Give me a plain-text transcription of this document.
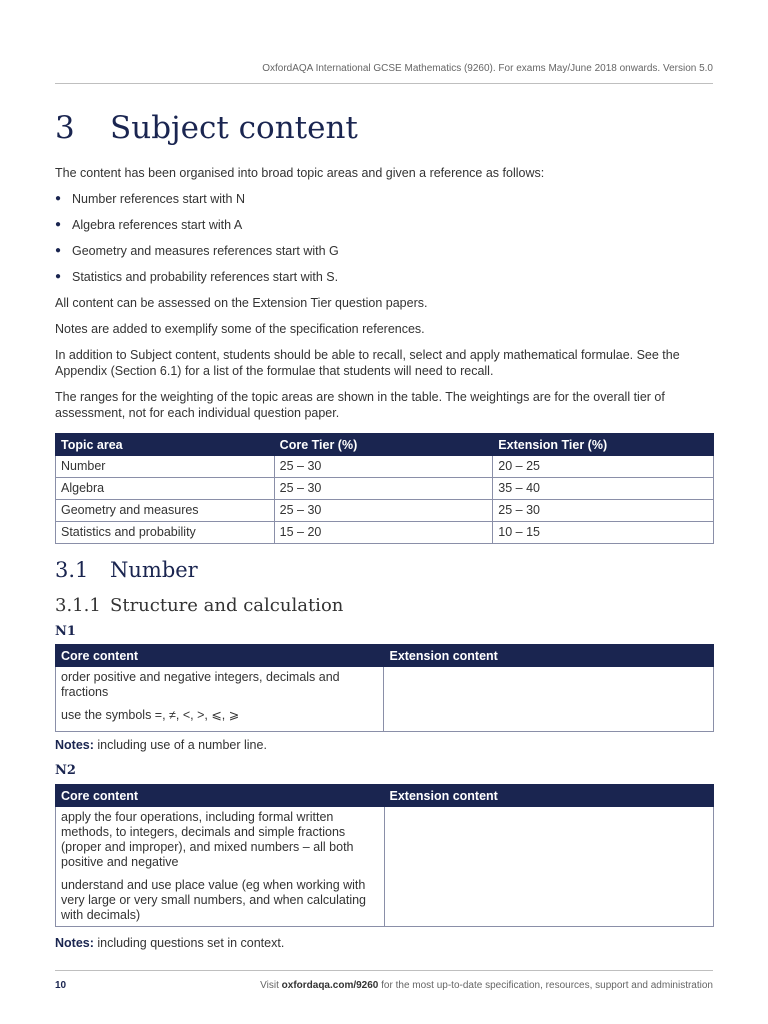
OxfordAQA International GCSE Mathematics (9260). For exams May/June 2018 onwards. Version 5.0
3 Subject content

The content has been organised into broad topic areas and given a reference as follows:

● Number references start with N
● Algebra references start with A
● Geometry and measures references start with G
● Statistics and probability references start with S.

All content can be assessed on the Extension Tier question papers.

Notes are added to exemplify some of the specification references.

In addition to Subject content, students should be able to recall, select and apply mathematical formulae. See the Appendix (Section 6.1) for a list of the formulae that students will need to recall.

The ranges for the weighting of the topic areas are shown in the table. The weightings are for the overall tier of assessment, not for each individual question paper.

Topic area	Core Tier (%)	Extension Tier (%)
Number	25 – 30	20 – 25
Algebra	25 – 30	35 – 40
Geometry and measures	25 – 30	25 – 30
Statistics and probability	15 – 20	10 – 15
3.1 Number
3.1.1 Structure and calculation
N1
Core content	Extension content

order positive and negative integers, decimals and fractions

use the symbols =, ≠, <, >, ⩽, ⩾	

Notes: including use of a number line.
N2
Core content	Extension content

apply the four operations, including formal written methods, to integers, decimals and simple fractions (proper and improper), and mixed numbers – all both positive and negative

understand and use place value (eg when working with very large or very small numbers, and when calculating with decimals)	

Notes: including questions set in context.
10	Visit oxfordaqa.com/9260 for the most up-to-date specification, resources, support and administration
